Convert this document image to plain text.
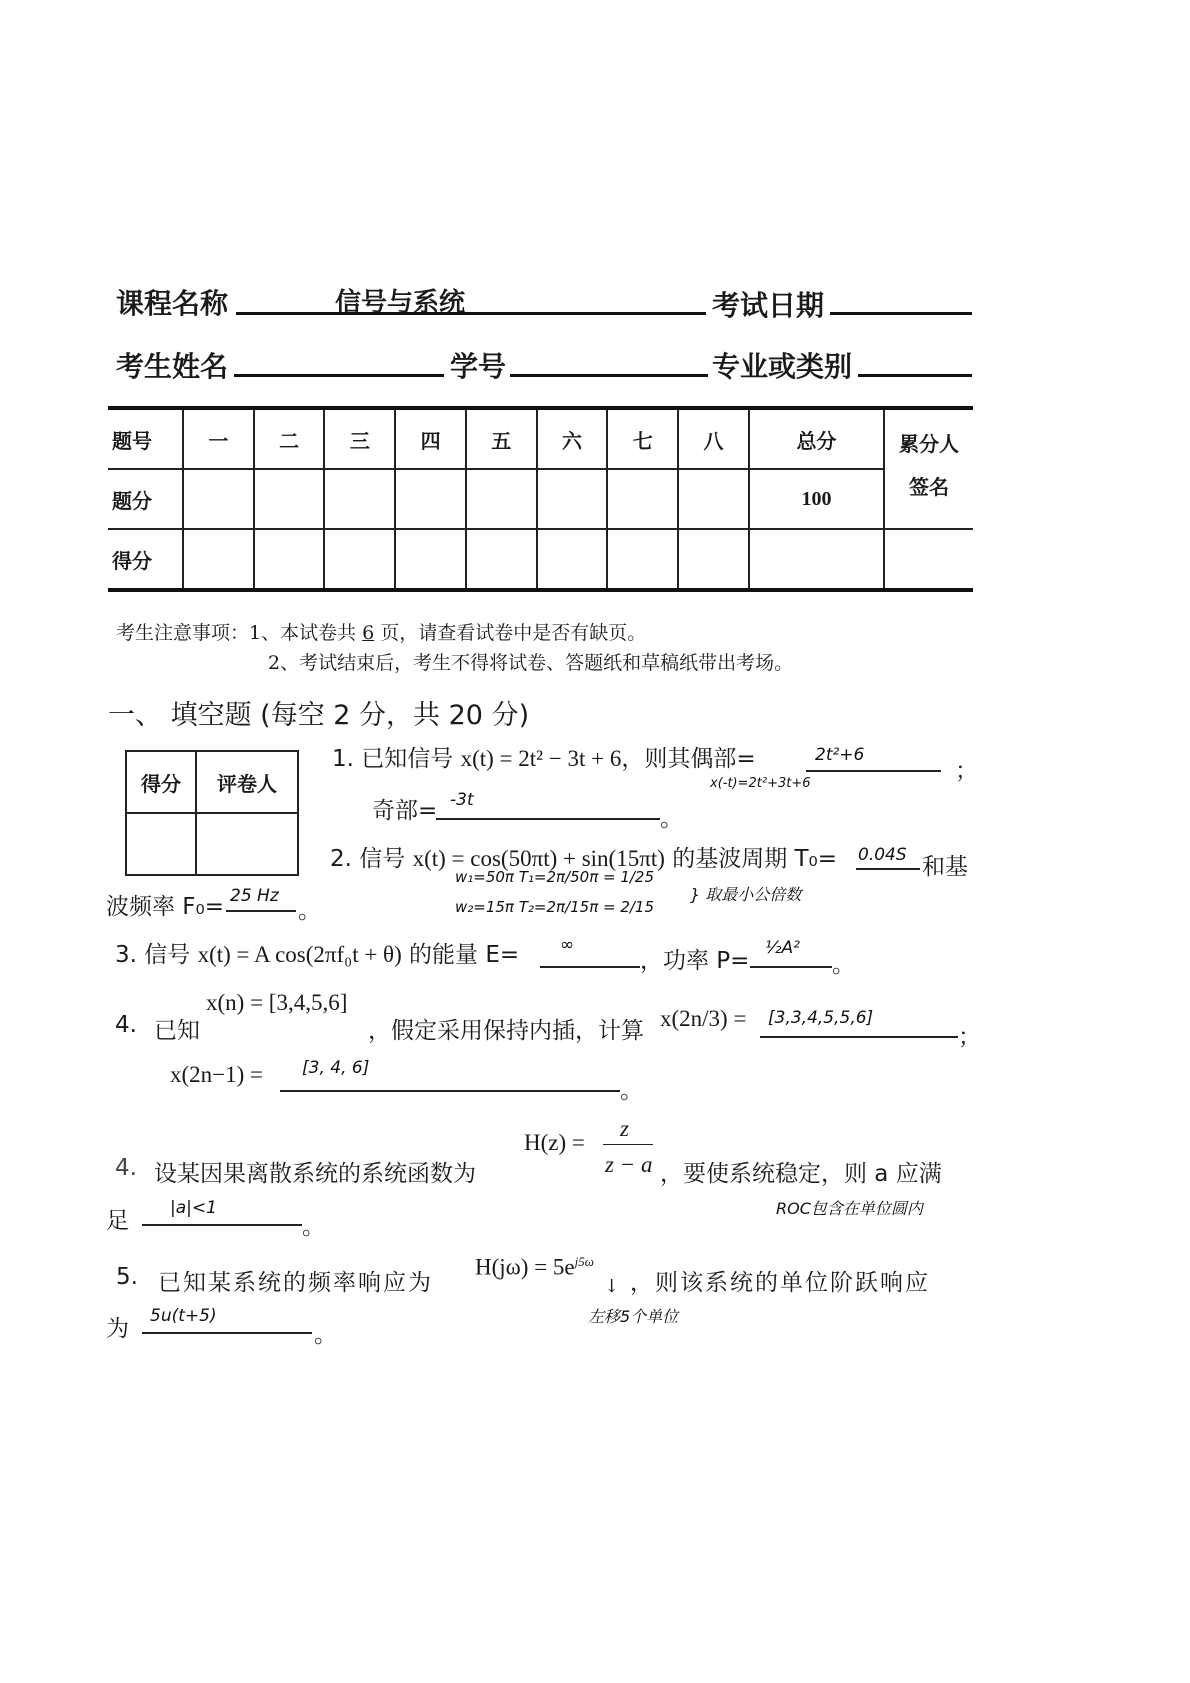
课程名称	信号与系统	考试日期
考生姓名	学号	专业或类别
题号	一	二	三	四	五	六	七	八	总分	累分人
签名

题分									100	
得分										
考生注意事项：1、本试卷共 6 页，请查看试卷中是否有缺页。
2、考试结束后，考生不得将试卷、答题纸和草稿纸带出考场。
一、 填空题 (每空 2 分，共 20 分)
得分	评卷人

1. 已知信号 x(t) = 2t² − 3t + 6，则其偶部=	2t²+6
；
x(-t)=2t²+3t+6
奇部= -3t
。
2. 信号 x(t) = cos(50πt) + sin(15πt) 的基波周期 T₀= 0.04S 和基
波频率 F₀= 25 Hz
。
w₁=50π T₁=2π/50π = 1/25
w₂=15π T₂=2π/15π = 2/15
} 取最小公倍数
3. 信号 x(t) = A cos(2πf₀t + θ) 的能量 E= ∞
，功率 P= ½A²
。
4. 已知
x(n) = [3,4,5,6]
，假定采用保持内插，计算 x(2n/3) = [3,3,4,5,5,6]
；
x(2n−1) = [3, 4, 6]
。
4. 设某因果离散系统的系统函数为
H(z) =
z
z − a ，要使系统稳定，则 a 应满
足 |a|<1
。
ROC包含在单位圆内
5. 已知某系统的频率响应为
$H(j\omega) = 5e^{j5\omega}$
↓ ，则该系统的单位阶跃响应
为 5u(t+5)
。
左移5个单位
